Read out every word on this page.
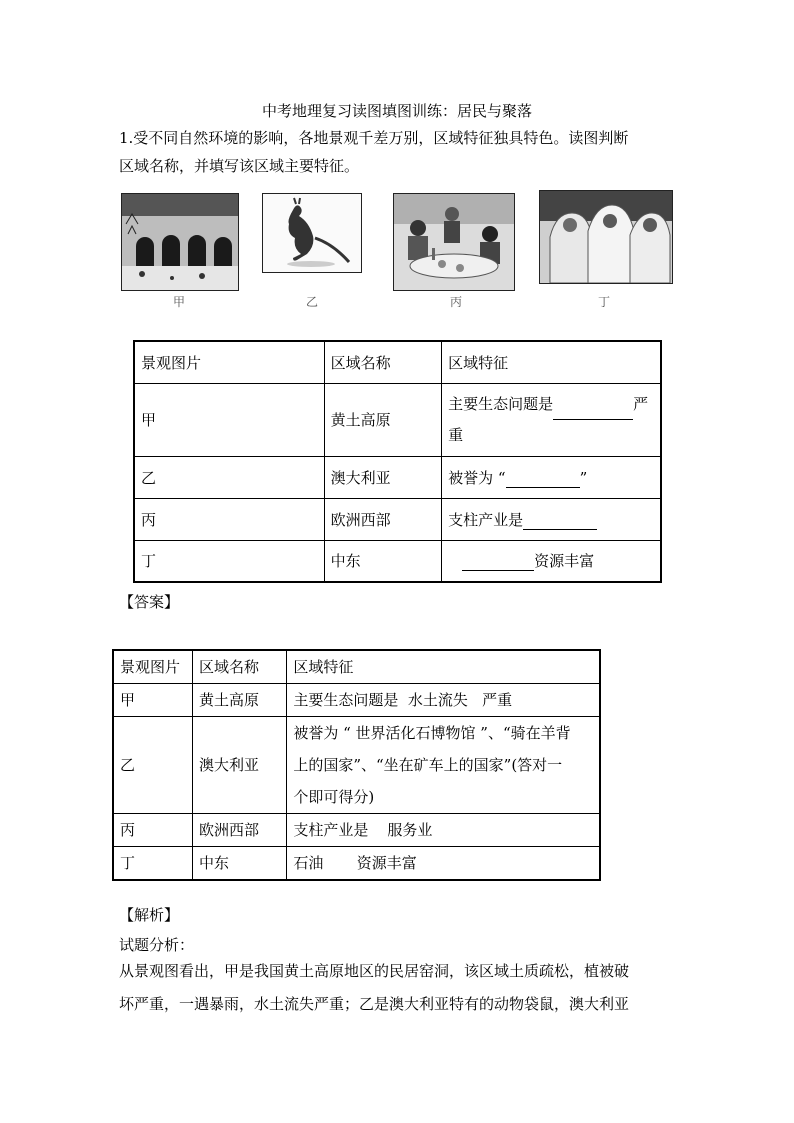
中考地理复习读图填图训练：居民与聚落
1.受不同自然环境的影响，各地景观千差万别，区域特征独具特色。读图判断
区域名称，并填写该区域主要特征。
甲	乙	丙	丁
景观图片	区域名称	区域特征
甲	黄土高原	主要生态问题是 严
重
乙	澳大利亚	被誉为 “ ”
丙	欧洲西部	支柱产业是
丁	中东	资源丰富
【答案】
景观图片	区域名称	区域特征
甲	黄土高原	主要生态问题是  水土流失   严重
乙	澳大利亚	被誉为 “ 世界活化石博物馆 ”、“骑在羊背
上的国家”、“坐在矿车上的国家”(答对一
个即可得分)

丙	欧洲西部	支柱产业是    服务业
丁	中东	石油       资源丰富
【解析】
试题分析：
从景观图看出，甲是我国黄土高原地区的民居窑洞，该区域土质疏松，植被破
坏严重，一遇暴雨，水土流失严重；乙是澳大利亚特有的动物袋鼠，澳大利亚
